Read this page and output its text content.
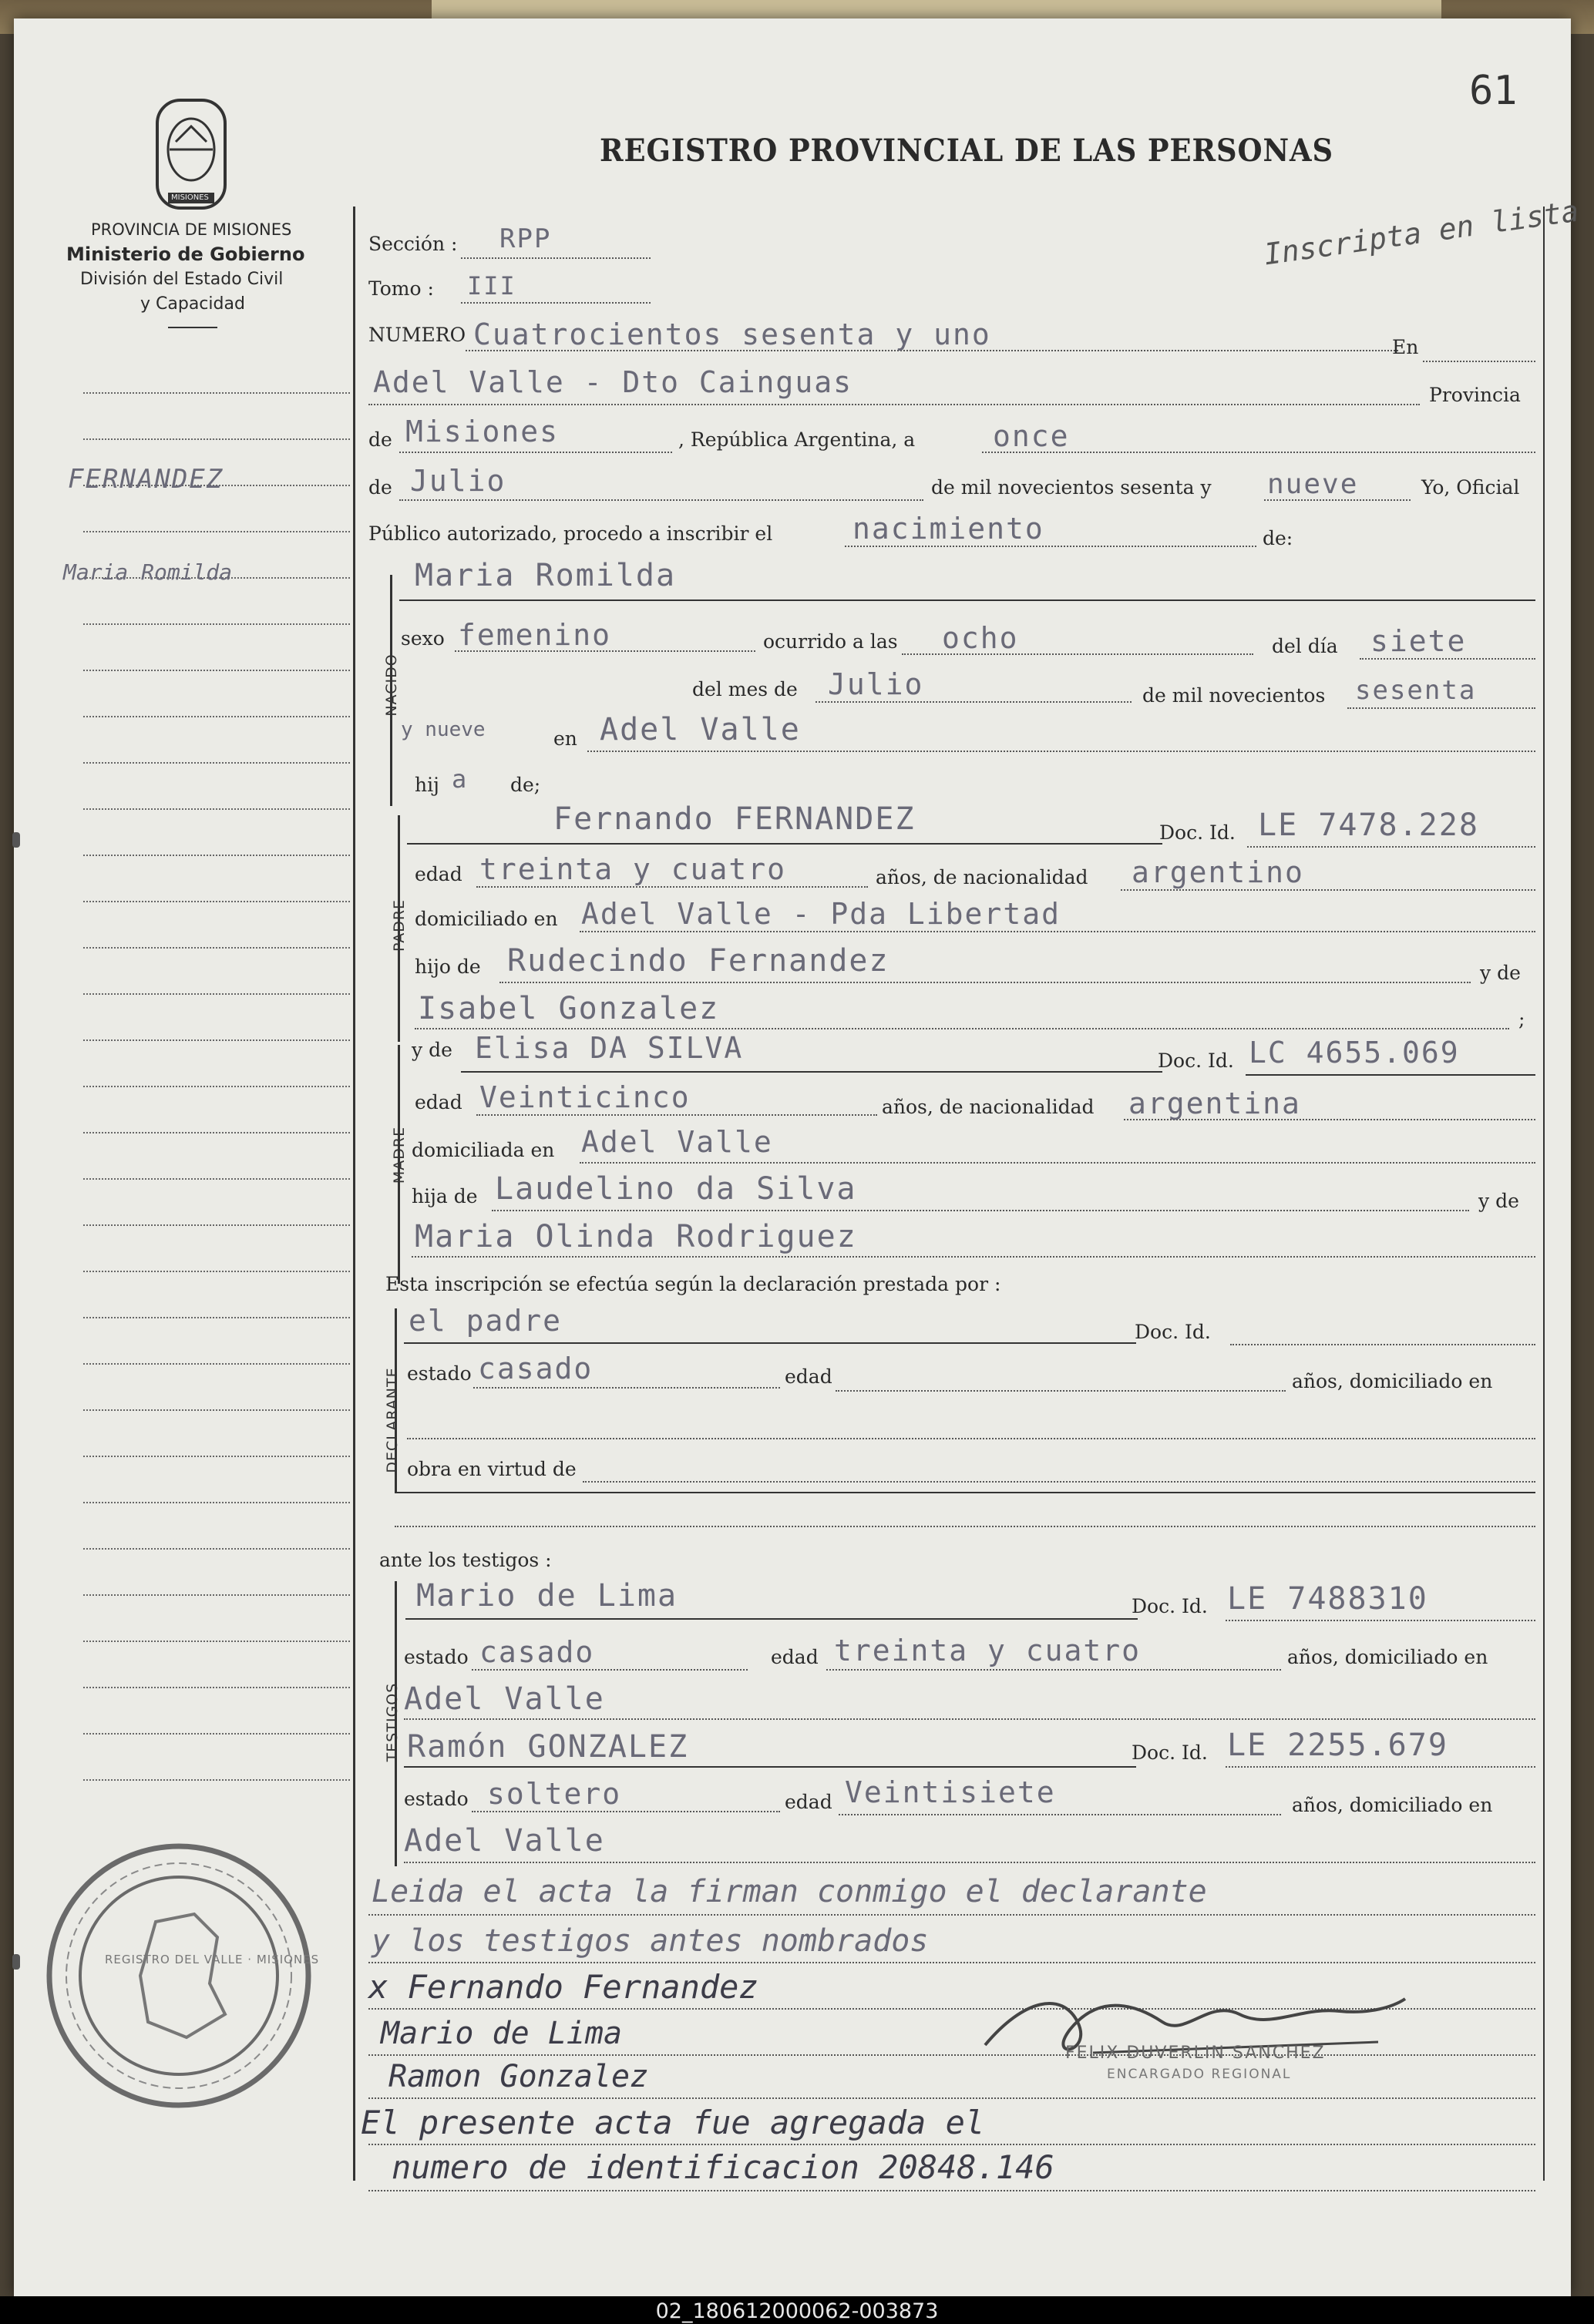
61
REGISTRO PROVINCIAL DE LAS PERSONAS
MISIONES
PROVINCIA DE MISIONES
Ministerio de Gobierno
División del Estado Civil
y Capacidad
FERNANDEZ
Maria Romilda
Inscripta en lista
Sección : RPP
Tomo : III
NUMERO Cuatrocientos sesenta y uno	En
Adel Valle - Dto Cainguas	Provincia
de Misiones	, República Argentina, a	once
de Julio	de mil novecientos sesenta y nueve	Yo, Oficial
Público autorizado, procedo a inscribir el	nacimiento	de:
NACIDO
Maria Romilda
sexo femenino	ocurrido a las ocho	del día siete
del mes de Julio	de mil novecientos sesenta
y nueve	en Adel Valle
hij a de;
PADRE
Fernando FERNANDEZ	Doc. Id. LE 7478.228
edad treinta y cuatro	años, de nacionalidad argentino
domiciliado en Adel Valle - Pda Libertad
hijo de Rudecindo Fernandez	y de
Isabel Gonzalez	;
MADRE
y de Elisa DA SILVA	Doc. Id. LC 4655.069
edad Veinticinco	años, de nacionalidad argentina
domiciliada en Adel Valle
hija de Laudelino da Silva	y de
Maria Olinda Rodriguez
Esta inscripción se efectúa según la declaración prestada por :
DECLARANTE
el padre	Doc. Id.
estado casado	edad	años, domiciliado en
obra en virtud de
ante los testigos :
TESTIGOS
Mario de Lima	Doc. Id. LE 7488310
estado casado	edad treinta y cuatro	años, domiciliado en
Adel Valle
Ramón GONZALEZ	Doc. Id. LE 2255.679
estado soltero	edad Veintisiete	años, domiciliado en
Adel Valle
Leida el acta la firman conmigo el declarante
y los testigos antes nombrados
x Fernando Fernandez
Mario de Lima
Ramon Gonzalez
El presente acta fue agregada el
numero de identificacion 20848.146
FELIX DUVERLIN SANCHEZ
ENCARGADO REGIONAL
REGISTRO DEL VALLE · MISIONES
02_180612000062-003873
